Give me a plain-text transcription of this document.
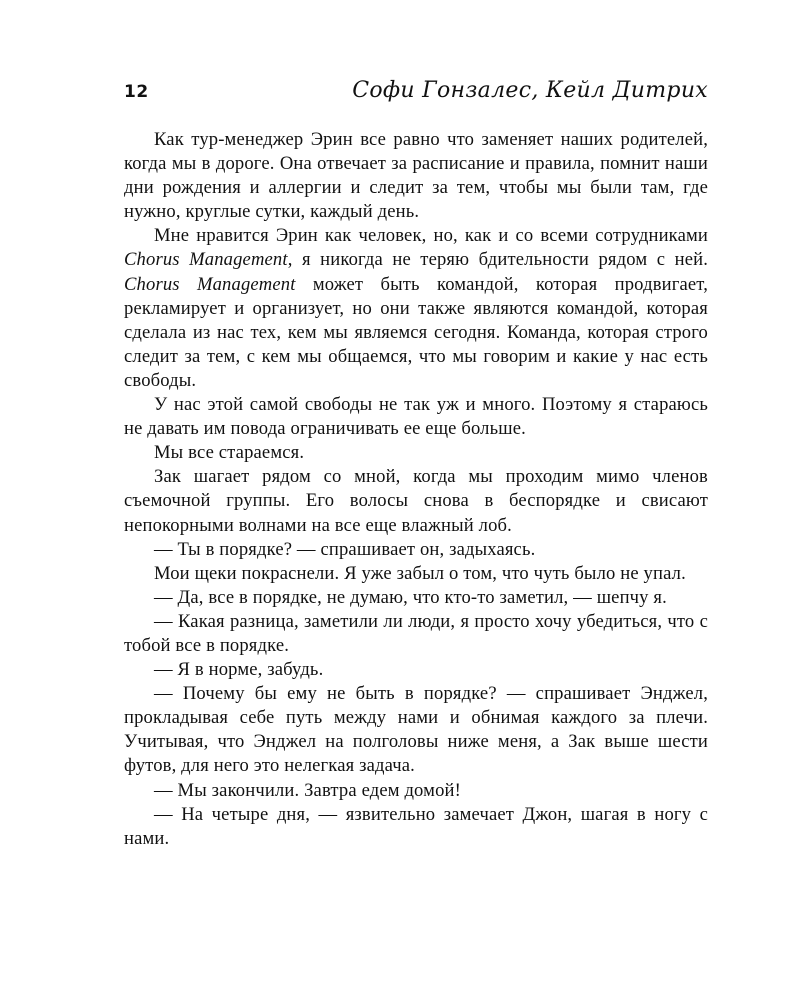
12	Софи Гонзалес, Кейл Дитрих

Как тур-менеджер Эрин все равно что заменяет наших родителей, когда мы в дороге. Она отвечает за расписание и правила, помнит наши дни рождения и аллергии и следит за тем, чтобы мы были там, где нужно, круглые сутки, каждый день.

Мне нравится Эрин как человек, но, как и со всеми сотрудниками Chorus Management, я никогда не теряю бдительности рядом с ней. Chorus Management может быть командой, которая продвигает, рекламирует и организует, но они также являются командой, которая сделала из нас тех, кем мы являемся сегодня. Команда, которая строго следит за тем, с кем мы общаемся, что мы говорим и какие у нас есть свободы.

У нас этой самой свободы не так уж и много. Поэтому я стараюсь не давать им повода ограничивать ее еще больше.

Мы все стараемся.

Зак шагает рядом со мной, когда мы проходим мимо членов съемочной группы. Его волосы снова в беспорядке и свисают непокорными волнами на все еще влажный лоб.

— Ты в порядке? — спрашивает он, задыхаясь.

Мои щеки покраснели. Я уже забыл о том, что чуть было не упал.

— Да, все в порядке, не думаю, что кто-то заметил, — шепчу я.

— Какая разница, заметили ли люди, я просто хочу убедиться, что с тобой все в порядке.

— Я в норме, забудь.

— Почему бы ему не быть в порядке? — спрашивает Энджел, прокладывая себе путь между нами и обнимая каждого за плечи. Учитывая, что Энджел на полголовы ниже меня, а Зак выше шести футов, для него это нелегкая задача.

— Мы закончили. Завтра едем домой!

— На четыре дня, — язвительно замечает Джон, шагая в ногу с нами.
